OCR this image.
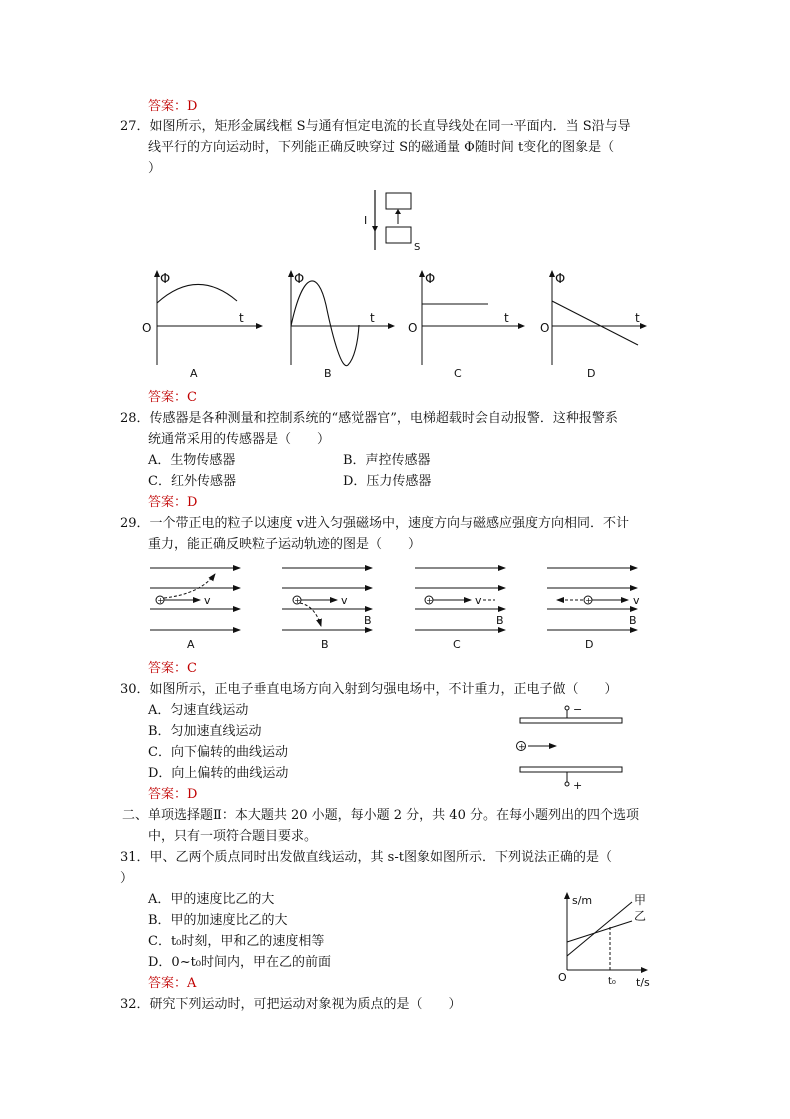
答案：D
27．如图所示，矩形金属线框 S与通有恒定电流的长直导线处在同一平面内．当 S沿与导
线平行的方向运动时，下列能正确反映穿过 S的磁通量 Φ随时间 t变化的图象是（
）
I
S
Φ
O
t
A
Φ
t
B
Φ
O
t
C
Φ
O
t
D
答案：C
28．传感器是各种测量和控制系统的“感觉器官”，电梯超载时会自动报警．这种报警系
统通常采用的传感器是（　　）
A．生物传感器	B．声控传感器
C．红外传感器	D．压力传感器
答案：D
29．一个带正电的粒子以速度 v进入匀强磁场中，速度方向与磁感应强度方向相同．不计
重力，能正确反映粒子运动轨迹的图是（　　）
+	v
A
+	v
B
B
+	v
B
C
+	v
B
D
答案：C
30．如图所示，正电子垂直电场方向入射到匀强电场中，不计重力，正电子做（　　）
A．匀速直线运动
B．匀加速直线运动
C．向下偏转的曲线运动
D．向上偏转的曲线运动
−
+
+
答案：D
二、单项选择题Ⅱ：本大题共 20 小题，每小题 2 分，共 40 分。在每小题列出的四个选项
中，只有一项符合题目要求。
31．甲、乙两个质点同时出发做直线运动，其 s-t图象如图所示．下列说法正确的是（
）
A．甲的速度比乙的大
B．甲的加速度比乙的大
C．t₀时刻，甲和乙的速度相等
D．0~t₀时间内，甲在乙的前面
s/m
O	t/s
t₀
甲
乙
答案：A
32．研究下列运动时，可把运动对象视为质点的是（　　）
